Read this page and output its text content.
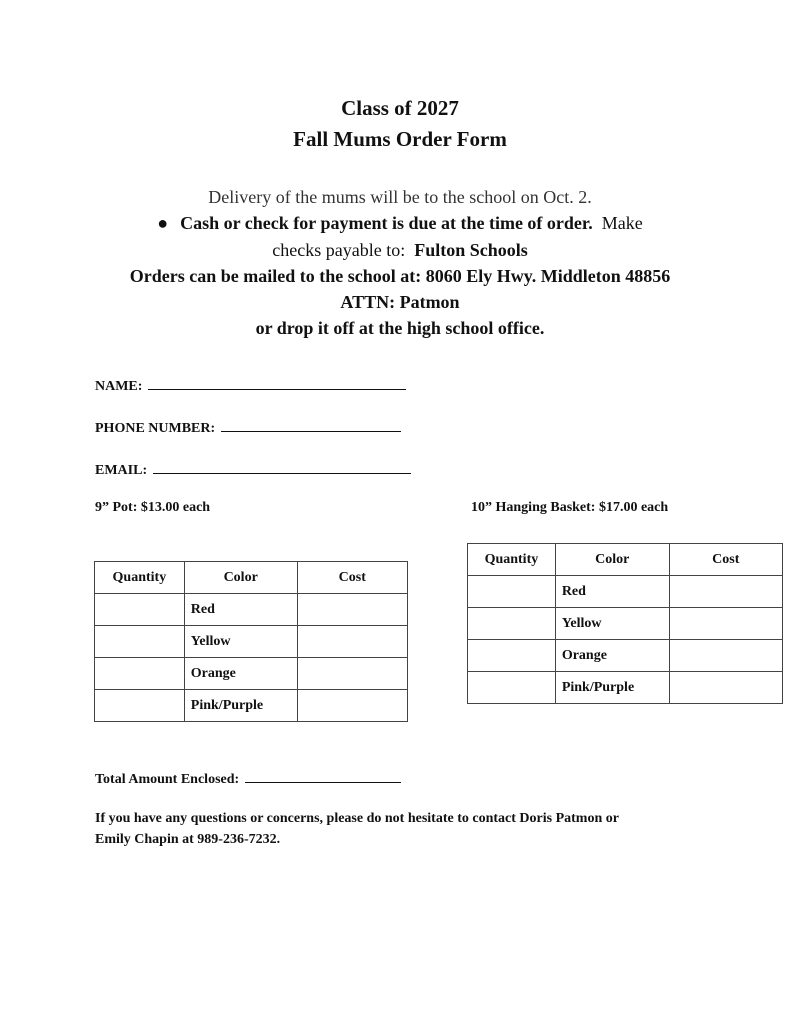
Class of 2027
Fall Mums Order Form
Delivery of the mums will be to the school on Oct. 2.
● Cash or check for payment is due at the time of order. Make
checks payable to: Fulton Schools
Orders can be mailed to the school at: 8060 Ely Hwy. Middleton 48856
ATTN: Patmon
or drop it off at the high school office.
NAME:
PHONE NUMBER:
EMAIL:
9” Pot: $13.00 each	10” Hanging Basket: $17.00 each
Quantity	Color	Cost
	Red	
	Yellow	
	Orange	
	Pink/Purple	
Quantity	Color	Cost
	Red	
	Yellow	
	Orange	
	Pink/Purple	
Total Amount Enclosed:
If you have any questions or concerns, please do not hesitate to contact Doris Patmon or
Emily Chapin at 989-236-7232.
